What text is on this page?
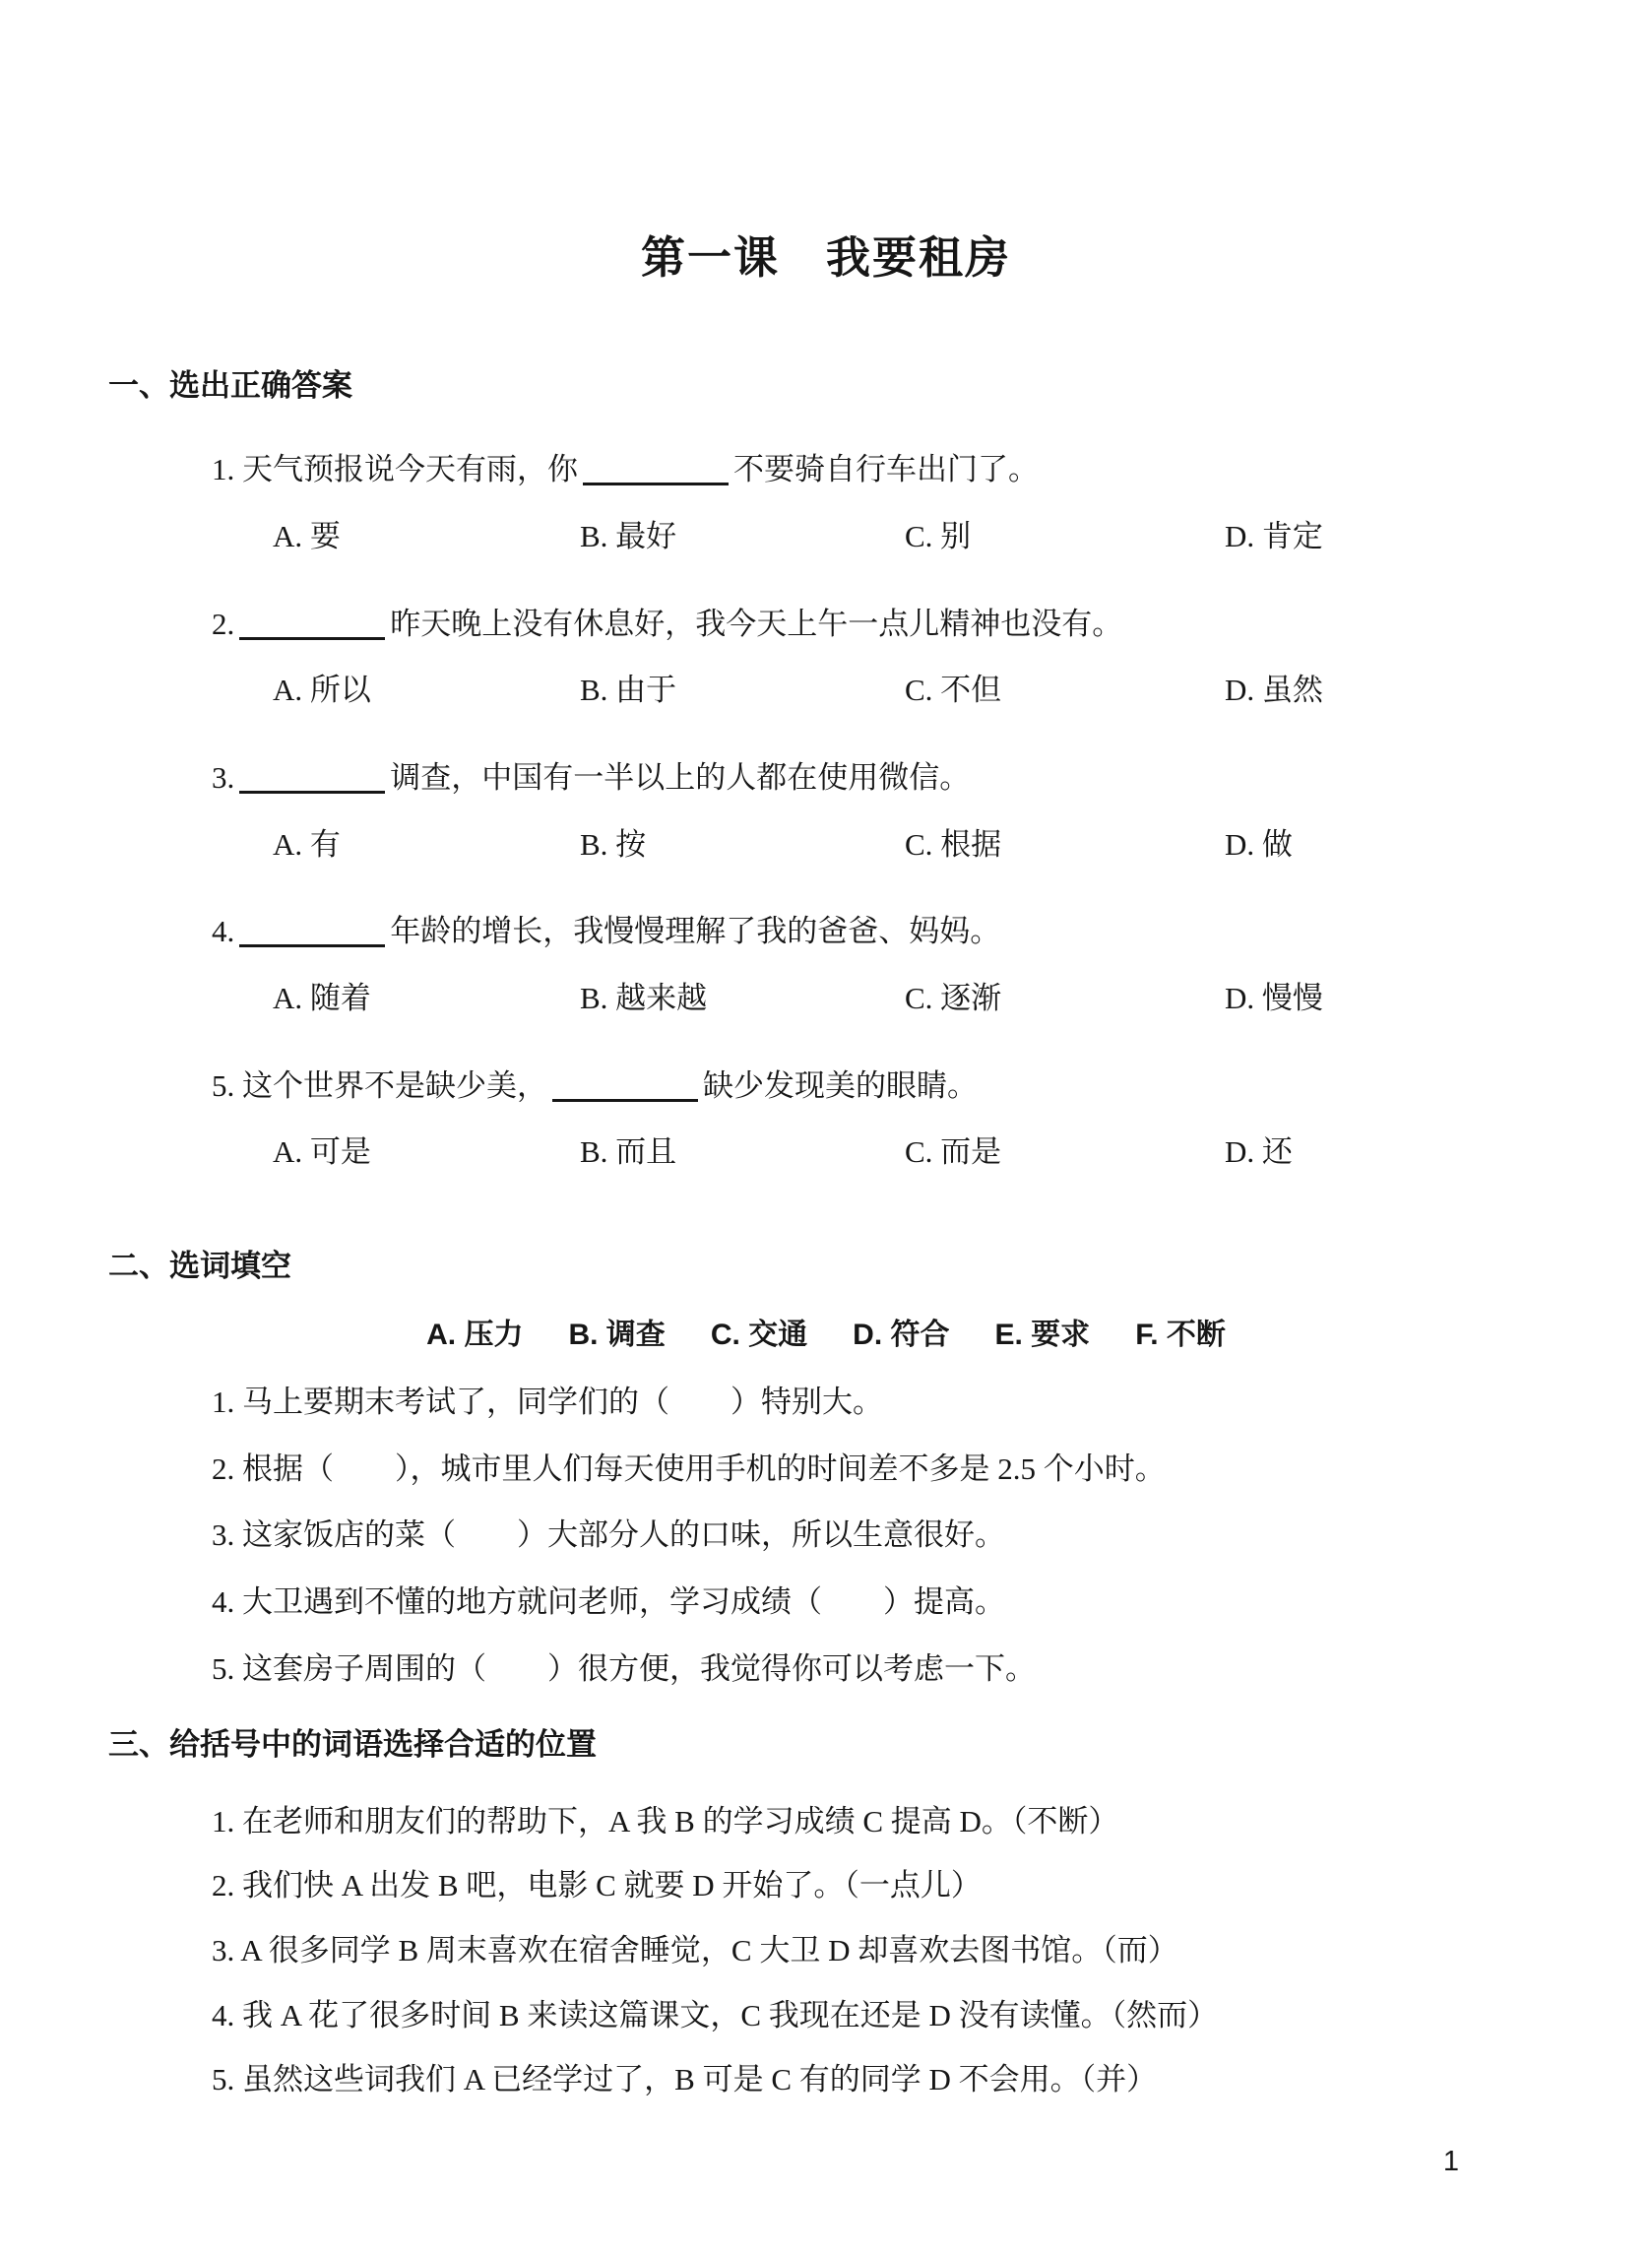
第一课　我要租房
一、选出正确答案
1. 天气预报说今天有雨，你	不要骑自行车出门了。
A. 要	B. 最好	C. 别	D. 肯定
2.	昨天晚上没有休息好，我今天上午一点儿精神也没有。
A. 所以	B. 由于	C. 不但	D. 虽然
3.	调查，中国有一半以上的人都在使用微信。
A. 有	B. 按	C. 根据	D. 做
4.	年龄的增长，我慢慢理解了我的爸爸、妈妈。
A. 随着	B. 越来越	C. 逐渐	D. 慢慢
5. 这个世界不是缺少美，	缺少发现美的眼睛。
A. 可是	B. 而且	C. 而是	D. 还
二、选词填空
A. 压力 B. 调查 C. 交通 D. 符合 E. 要求 F. 不断
1. 马上要期末考试了，同学们的（　　）特别大。
2. 根据（　　），城市里人们每天使用手机的时间差不多是 2.5 个小时。
3. 这家饭店的菜（　　）大部分人的口味，所以生意很好。
4. 大卫遇到不懂的地方就问老师，学习成绩（　　）提高。
5. 这套房子周围的（　　）很方便，我觉得你可以考虑一下。
三、给括号中的词语选择合适的位置
1. 在老师和朋友们的帮助下，A 我 B 的学习成绩 C 提高 D。（不断）
2. 我们快 A 出发 B 吧，电影 C 就要 D 开始了。（一点儿）
3. A 很多同学 B 周末喜欢在宿舍睡觉，C 大卫 D 却喜欢去图书馆。（而）
4. 我 A 花了很多时间 B 来读这篇课文，C 我现在还是 D 没有读懂。（然而）
5. 虽然这些词我们 A 已经学过了，B 可是 C 有的同学 D 不会用。（并）
1
